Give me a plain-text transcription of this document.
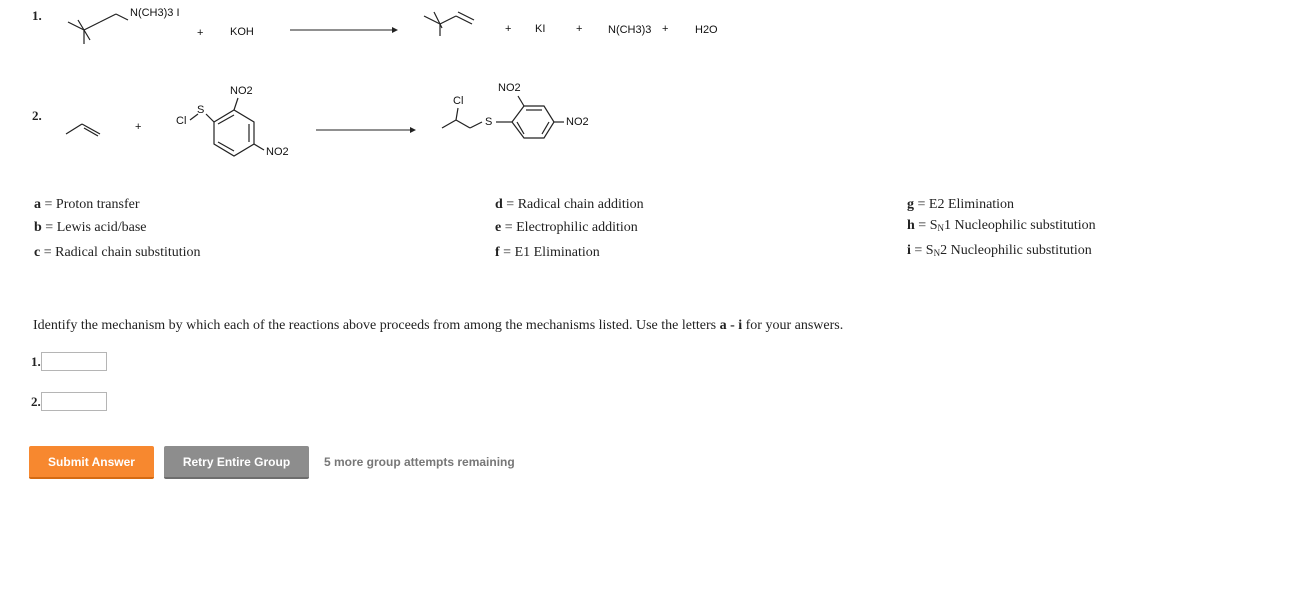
1.	N(CH3)3 I
+ KOH	+ KI	+ N(CH3)3 + H2O
2.
+	Cl
S
NO2
NO2
Cl
S
NO2
NO2
a = Proton transfer
b = Lewis acid/base
c = Radical chain substitution
d = Radical chain addition
e = Electrophilic addition
f = E1 Elimination
g = E2 Elimination
$h = S_N1$ Nucleophilic substitution
$i = S_N2$ Nucleophilic substitution
Identify the mechanism by which each of the reactions above proceeds from among the mechanisms listed. Use the letters a - i for your answers.
1.
2.
Submit Answer	Retry Entire Group	5 more group attempts remaining
